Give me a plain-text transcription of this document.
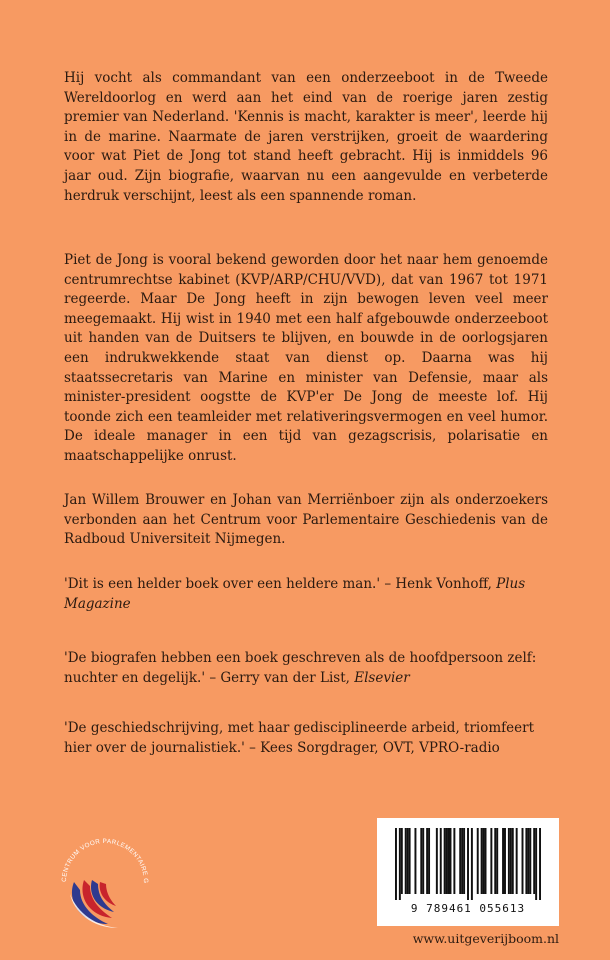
Hij vocht als commandant van een onderzeeboot in de Tweede Wereldoorlog en werd aan het eind van de roerige jaren zestig premier van Nederland. 'Kennis is macht, karakter is meer', leerde hij in de marine. Naarmate de jaren verstrijken, groeit de waardering voor wat Piet de Jong tot stand heeft gebracht. Hij is inmiddels 96 jaar oud. Zijn biografie, waarvan nu een aangevulde en verbeterde herdruk verschijnt, leest als een spannende roman.

Piet de Jong is vooral bekend geworden door het naar hem genoemde centrumrechtse kabinet (KVP/ARP/CHU/VVD), dat van 1967 tot 1971 regeerde. Maar De Jong heeft in zijn bewogen leven veel meer meegemaakt. Hij wist in 1940 met een half afgebouwde onderzeeboot uit handen van de Duitsers te blijven, en bouwde in de oorlogsjaren een indrukwekkende staat van dienst op. Daarna was hij staatssecretaris van Marine en minister van Defensie, maar als minister-president oogstte de KVP'er De Jong de meeste lof. Hij toonde zich een teamleider met relativeringsvermogen en veel humor. De ideale manager in een tijd van gezagscrisis, polarisatie en maatschappelijke onrust.

Jan Willem Brouwer en Johan van Merriënboer zijn als onderzoekers verbonden aan het Centrum voor Parlementaire Geschiedenis van de Radboud Universiteit Nijmegen.

'Dit is een helder boek over een heldere man.' – Henk Vonhoff, Plus Magazine

'De biografen hebben een boek geschreven als de hoofdpersoon zelf: nuchter en degelijk.' – Gerry van der List, Elsevier

'De geschiedschrijving, met haar gedisciplineerde arbeid, triomfeert hier over de journalistiek.' – Kees Sorgdrager, OVT, VPRO-radio

CENTRUM VOOR PARLEMENTAIRE G
9 789461 055613
www.uitgeverijboom.nl
